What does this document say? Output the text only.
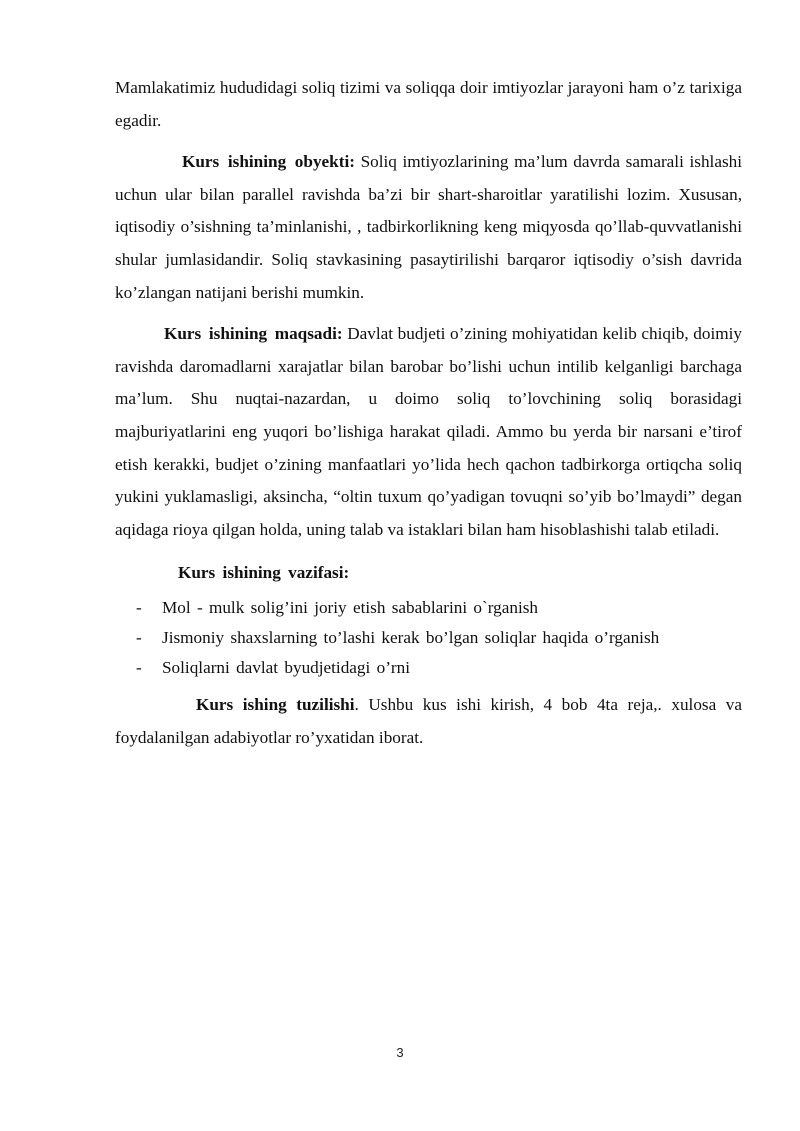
Mamlakatimiz hududidagi soliq tizimi va soliqqa doir imtiyozlar jarayoni ham o’z tarixiga egadir.

Kurs ishining obyekti: Soliq imtiyozlarining ma’lum davrda samarali ishlashi uchun ular bilan parallel ravishda ba’zi bir shart-sharoitlar yaratilishi lozim. Xususan, iqtisodiy o’sishning ta’minlanishi, , tadbirkorlikning keng miqyosda qo’llab-quvvatlanishi shular jumlasidandir. Soliq stavkasining pasaytirilishi barqaror iqtisodiy o’sish davrida ko’zlangan natijani berishi mumkin.

Kurs ishining maqsadi: Davlat budjeti o’zining mohiyatidan kelib chiqib, doimiy ravishda daromadlarni xarajatlar bilan barobar bo’lishi uchun intilib kelganligi barchaga ma’lum. Shu nuqtai-nazardan, u doimo soliq to’lovchining soliq borasidagi majburiyatlarini eng yuqori bo’lishiga harakat qiladi. Ammo bu yerda bir narsani e’tirof etish kerakki, budjet o’zining manfaatlari yo’lida hech qachon tadbirkorga ortiqcha soliq yukini yuklamasligi, aksincha, “oltin tuxum qo’yadigan tovuqni so’yib bo’lmaydi” degan aqidaga rioya qilgan holda, uning talab va istaklari bilan ham hisoblashishi talab etiladi.

Kurs ishining vazifasi:

- Mol - mulk solig’ini joriy etish sabablarini o`rganish
- Jismoniy shaxslarning to’lashi kerak bo’lgan soliqlar haqida o’rganish
- Soliqlarni davlat byudjetidagi o’rni

Kurs ishing tuzilishi. Ushbu kus ishi kirish, 4 bob 4ta reja,. xulosa va foydalanilgan adabiyotlar ro’yxatidan iborat.

3
